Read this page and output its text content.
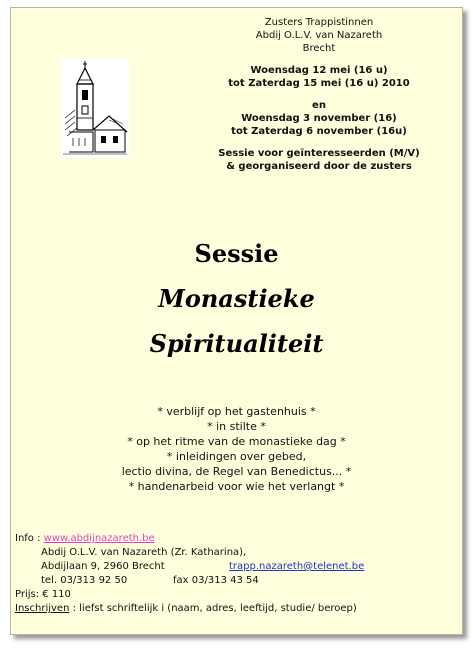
Zusters Trappistinnen
Abdij O.L.V. van Nazareth
Brecht
Woensdag 12 mei (16 u)
tot Zaterdag 15 mei (16 u) 2010
en
Woensdag 3 november (16)
tot Zaterdag 6 november (16u)
Sessie voor geïnteresseerden (M/V)
& georganiseerd door de zusters
Sessie
Monastieke
Spiritualiteit
* verblijf op het gastenhuis *
* in stilte *
* op het ritme van de monastieke dag *
* inleidingen over gebed,
lectio divina, de Regel van Benedictus... *
* handenarbeid voor wie het verlangt *
Info : www.abdijnazareth.be
Abdij O.L.V. van Nazareth (Zr. Katharina),
Abdijlaan 9, 2960 Brecht	trapp.nazareth@telenet.be
tel. 03/313 92 50	fax 03/313 43 54
Prijs: € 110
Inschrijven : liefst schriftelijk i (naam, adres, leeftijd, studie/ beroep)
